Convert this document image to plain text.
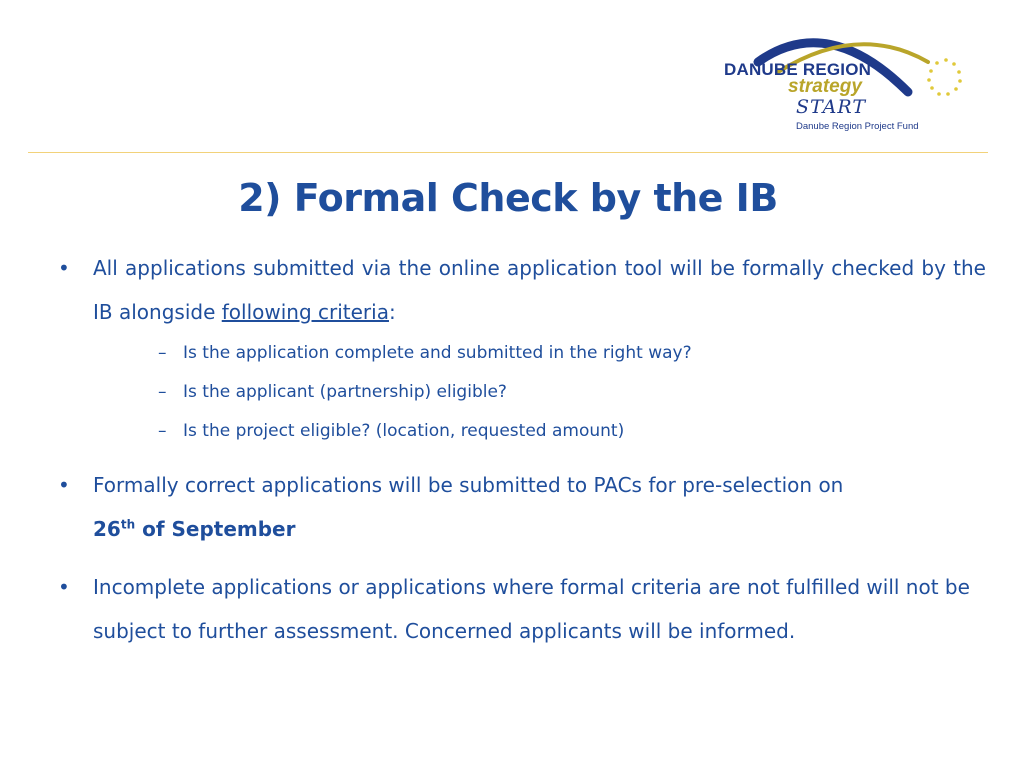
DANUBE REGION
strategy
START
Danube Region Project Fund
2) Formal Check by the IB
• All applications submitted via the online application tool will be formally checked by the IB alongside following criteria:
– Is the application complete and submitted in the right way?
– Is the applicant (partnership) eligible?
– Is the project eligible? (location, requested amount)
• Formally correct applications will be submitted to PACs for pre-selection on
26th of September
• Incomplete applications or applications where formal criteria are not fulfilled will not be subject to further assessment. Concerned applicants will be informed.
